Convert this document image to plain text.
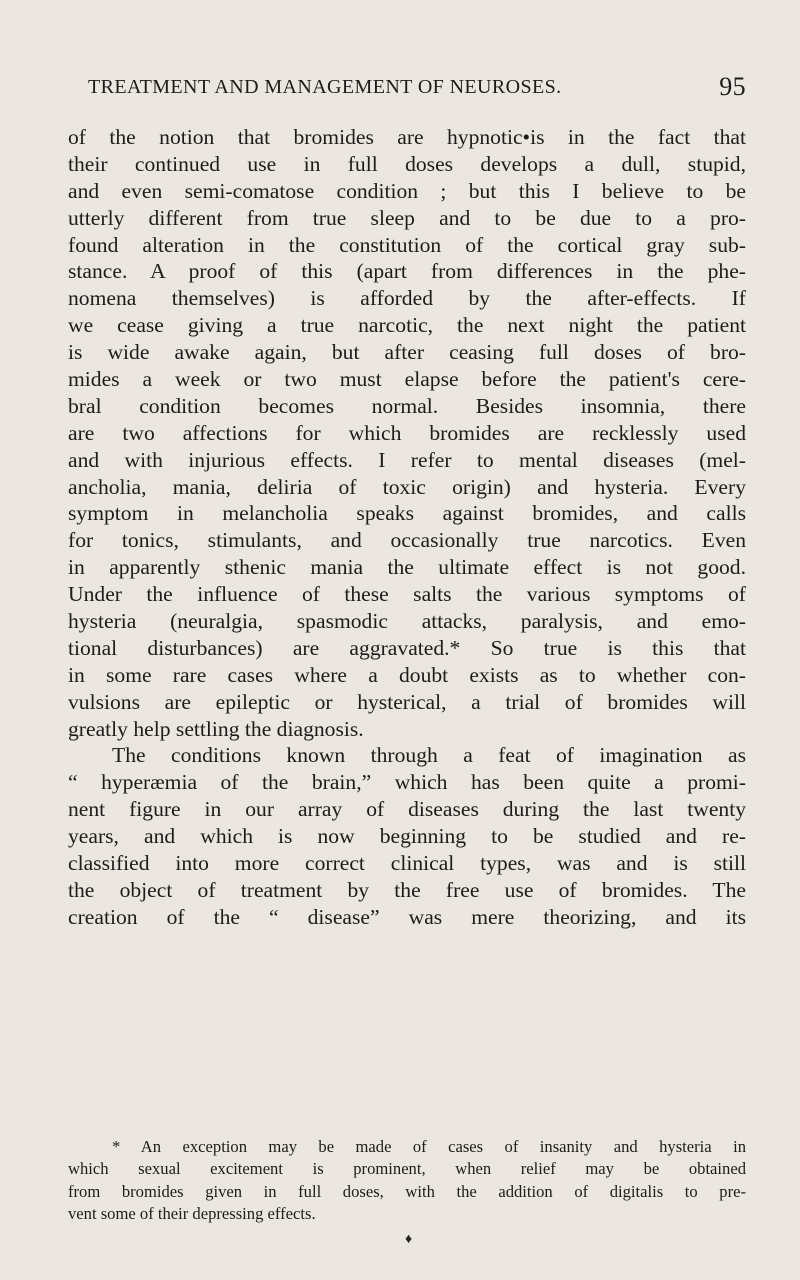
TREATMENT AND MANAGEMENT OF NEUROSES.	95
of the notion that bromides are hypnotic•is in the fact that
their continued use in full doses develops a dull, stupid,
and even semi-comatose condition ; but this I believe to be
utterly different from true sleep and to be due to a pro-
found alteration in the constitution of the cortical gray sub-
stance. A proof of this (apart from differences in the phe-
nomena themselves) is afforded by the after-effects. If
we cease giving a true narcotic, the next night the patient
is wide awake again, but after ceasing full doses of bro-
mides a week or two must elapse before the patient's cere-
bral condition becomes normal. Besides insomnia, there
are two affections for which bromides are recklessly used
and with injurious effects. I refer to mental diseases (mel-
ancholia, mania, deliria of toxic origin) and hysteria. Every
symptom in melancholia speaks against bromides, and calls
for tonics, stimulants, and occasionally true narcotics. Even
in apparently sthenic mania the ultimate effect is not good.
Under the influence of these salts the various symptoms of
hysteria (neuralgia, spasmodic attacks, paralysis, and emo-
tional disturbances) are aggravated.* So true is this that
in some rare cases where a doubt exists as to whether con-
vulsions are epileptic or hysterical, a trial of bromides will
greatly help settling the diagnosis.
The conditions known through a feat of imagination as
“ hyperæmia of the brain,” which has been quite a promi-
nent figure in our array of diseases during the last twenty
years, and which is now beginning to be studied and re-
classified into more correct clinical types, was and is still
the object of treatment by the free use of bromides. The
creation of the “ disease” was mere theorizing, and its
* An exception may be made of cases of insanity and hysteria in
which sexual excitement is prominent, when relief may be obtained
from bromides given in full doses, with the addition of digitalis to pre-
vent some of their depressing effects.
♦
